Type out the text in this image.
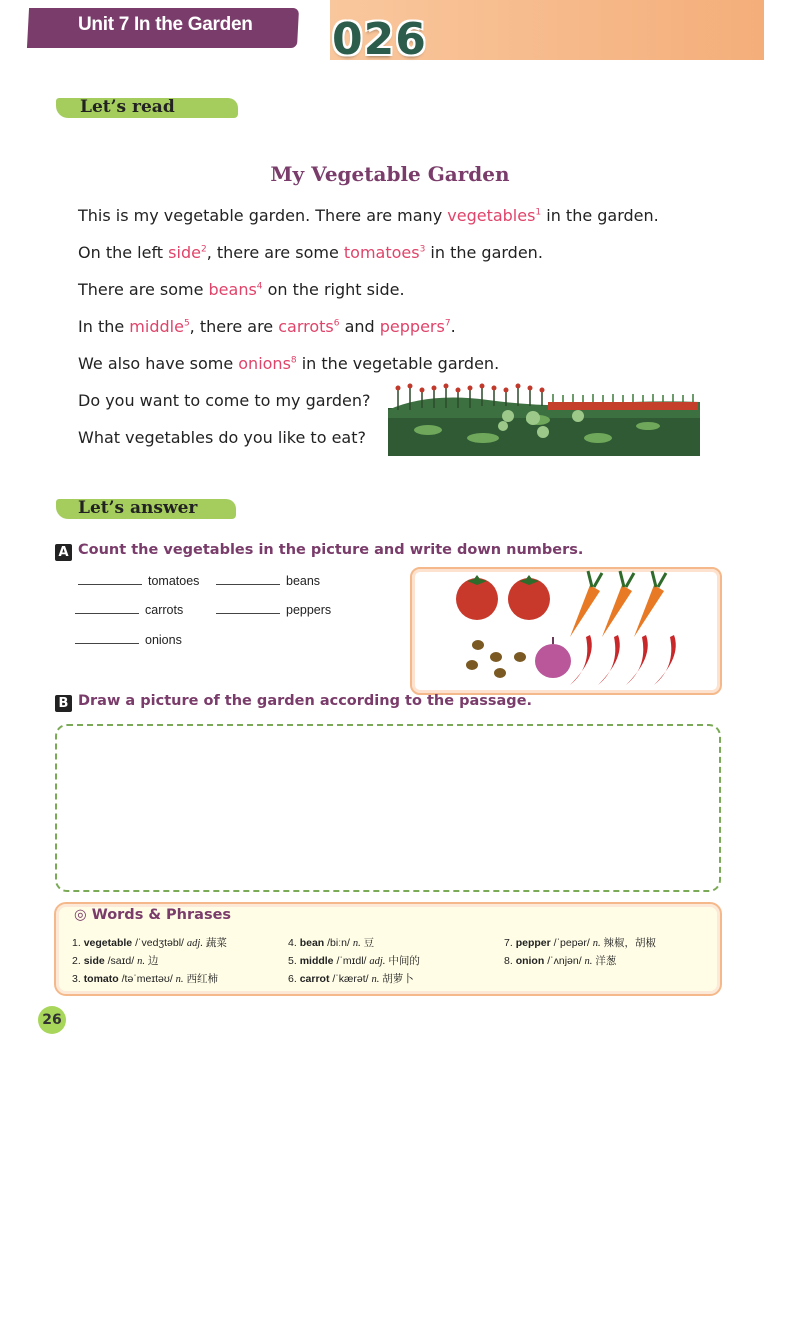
Unit 7 In the Garden 026
Let’s read
My Vegetable Garden
This is my vegetable garden. There are many vegetables$^1$ in the garden.
On the left side$^2$, there are some tomatoes$^3$ in the garden.
There are some beans$^4$ on the right side.
In the middle$^5$, there are carrots$^6$ and peppers$^7$.
We also have some onions$^8$ in the vegetable garden.
Do you want to come to my garden?
What vegetables do you like to eat?
Let’s answer
A Count the vegetables in the picture and write down numbers.
tomatoes	beans
carrots	peppers
onions
B Draw a picture of the garden according to the passage.
◎ Words & Phrases
1. vegetable /ˈvedʒtəbl/ adj. 蔬菜
2. side /saɪd/ n. 边
3. tomato /təˈmeɪtəʊ/ n. 西红柿
4. bean /biːn/ n. 豆
5. middle /ˈmɪdl/ adj. 中间的
6. carrot /ˈkærət/ n. 胡萝卜
7. pepper /ˈpepər/ n. 辣椒，胡椒
8. onion /ˈʌnjən/ n. 洋葱
26
